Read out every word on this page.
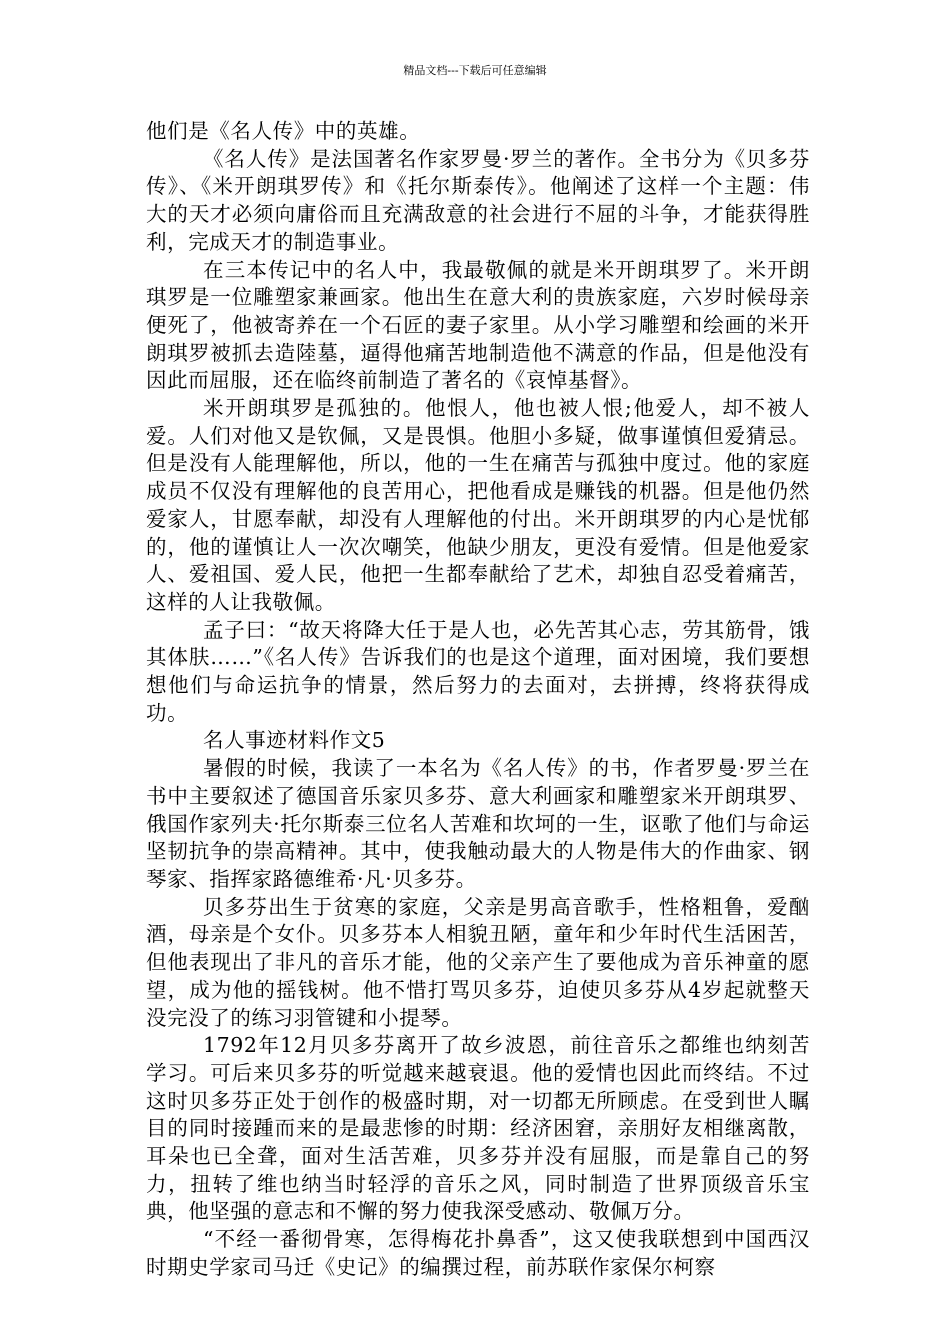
精品文档---下载后可任意编辑

他们是《名人传》中的英雄。

《名人传》是法国著名作家罗曼·罗兰的著作。全书分为《贝多芬传》、《米开朗琪罗传》和《托尔斯泰传》。他阐述了这样一个主题：伟大的天才必须向庸俗而且充满敌意的社会进行不屈的斗争，才能获得胜利，完成天才的制造事业。

在三本传记中的名人中，我最敬佩的就是米开朗琪罗了。米开朗琪罗是一位雕塑家兼画家。他出生在意大利的贵族家庭，六岁时候母亲便死了，他被寄养在一个石匠的妻子家里。从小学习雕塑和绘画的米开朗琪罗被抓去造陸墓，逼得他痛苦地制造他不满意的作品，但是他没有因此而屈服，还在临终前制造了著名的《哀悼基督》。

米开朗琪罗是孤独的。他恨人，他也被人恨;他爱人，却不被人爱。人们对他又是钦佩，又是畏惧。他胆小多疑，做事谨慎但爱猜忌。但是没有人能理解他，所以，他的一生在痛苦与孤独中度过。他的家庭成员不仅没有理解他的良苦用心，把他看成是赚钱的机器。但是他仍然爱家人，甘愿奉献，却没有人理解他的付出。米开朗琪罗的内心是忧郁的，他的谨慎让人一次次嘲笑，他缺少朋友，更没有爱情。但是他爱家人、爱祖国、爱人民，他把一生都奉献给了艺术，却独自忍受着痛苦，这样的人让我敬佩。

孟子曰：“故天将降大任于是人也，必先苦其心志，劳其筋骨，饿其体肤……”《名人传》告诉我们的也是这个道理，面对困境，我们要想想他们与命运抗争的情景，然后努力的去面对，去拼搏，终将获得成功。

名人事迹材料作文5

暑假的时候，我读了一本名为《名人传》的书，作者罗曼·罗兰在书中主要叙述了德国音乐家贝多芬、意大利画家和雕塑家米开朗琪罗、俄国作家列夫·托尔斯泰三位名人苦难和坎坷的一生，讴歌了他们与命运坚韧抗争的崇高精神。其中，使我触动最大的人物是伟大的作曲家、钢琴家、指挥家路德维希·凡·贝多芬。

贝多芬出生于贫寒的家庭，父亲是男高音歌手，性格粗鲁，爱酗酒，母亲是个女仆。贝多芬本人相貌丑陋，童年和少年时代生活困苦，但他表现出了非凡的音乐才能，他的父亲产生了要他成为音乐神童的愿望，成为他的摇钱树。他不惜打骂贝多芬，迫使贝多芬从4岁起就整天没完没了的练习羽管键和小提琴。

1792年12月贝多芬离开了故乡波恩，前往音乐之都维也纳刻苦学习。可后来贝多芬的听觉越来越衰退。他的爱情也因此而终结。不过这时贝多芬正处于创作的极盛时期，对一切都无所顾虑。在受到世人瞩目的同时接踵而来的是最悲惨的时期：经济困窘，亲朋好友相继离散，耳朵也已全聋，面对生活苦难，贝多芬并没有屈服，而是靠自己的努力，扭转了维也纳当时轻浮的音乐之风，同时制造了世界顶级音乐宝典，他坚强的意志和不懈的努力使我深受感动、敬佩万分。

“不经一番彻骨寒，怎得梅花扑鼻香”，这又使我联想到中国西汉时期史学家司马迁《史记》的编撰过程，前苏联作家保尔柯察
